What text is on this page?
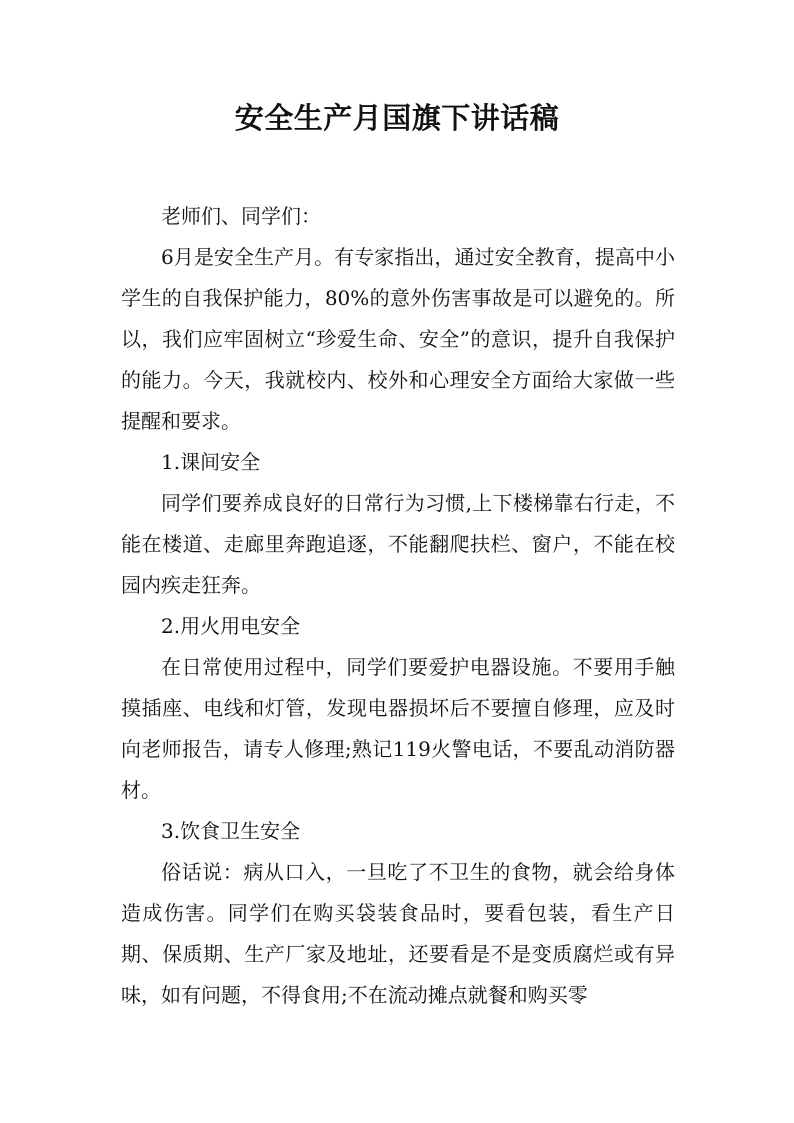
安全生产月国旗下讲话稿

老师们、同学们：

6月是安全生产月。有专家指出，通过安全教育，提高中小学生的自我保护能力，80%的意外伤害事故是可以避免的。所以，我们应牢固树立“珍爱生命、安全”的意识，提升自我保护的能力。今天，我就校内、校外和心理安全方面给大家做一些提醒和要求。

1.课间安全

同学们要养成良好的日常行为习惯,上下楼梯靠右行走，不能在楼道、走廊里奔跑追逐，不能翻爬扶栏、窗户，不能在校园内疾走狂奔。

2.用火用电安全

在日常使用过程中，同学们要爱护电器设施。不要用手触摸插座、电线和灯管，发现电器损坏后不要擅自修理，应及时向老师报告，请专人修理;熟记119火警电话，不要乱动消防器材。

3.饮食卫生安全

俗话说：病从口入，一旦吃了不卫生的食物，就会给身体造成伤害。同学们在购买袋装食品时，要看包装，看生产日期、保质期、生产厂家及地址，还要看是不是变质腐烂或有异味，如有问题，不得食用;不在流动摊点就餐和购买零
